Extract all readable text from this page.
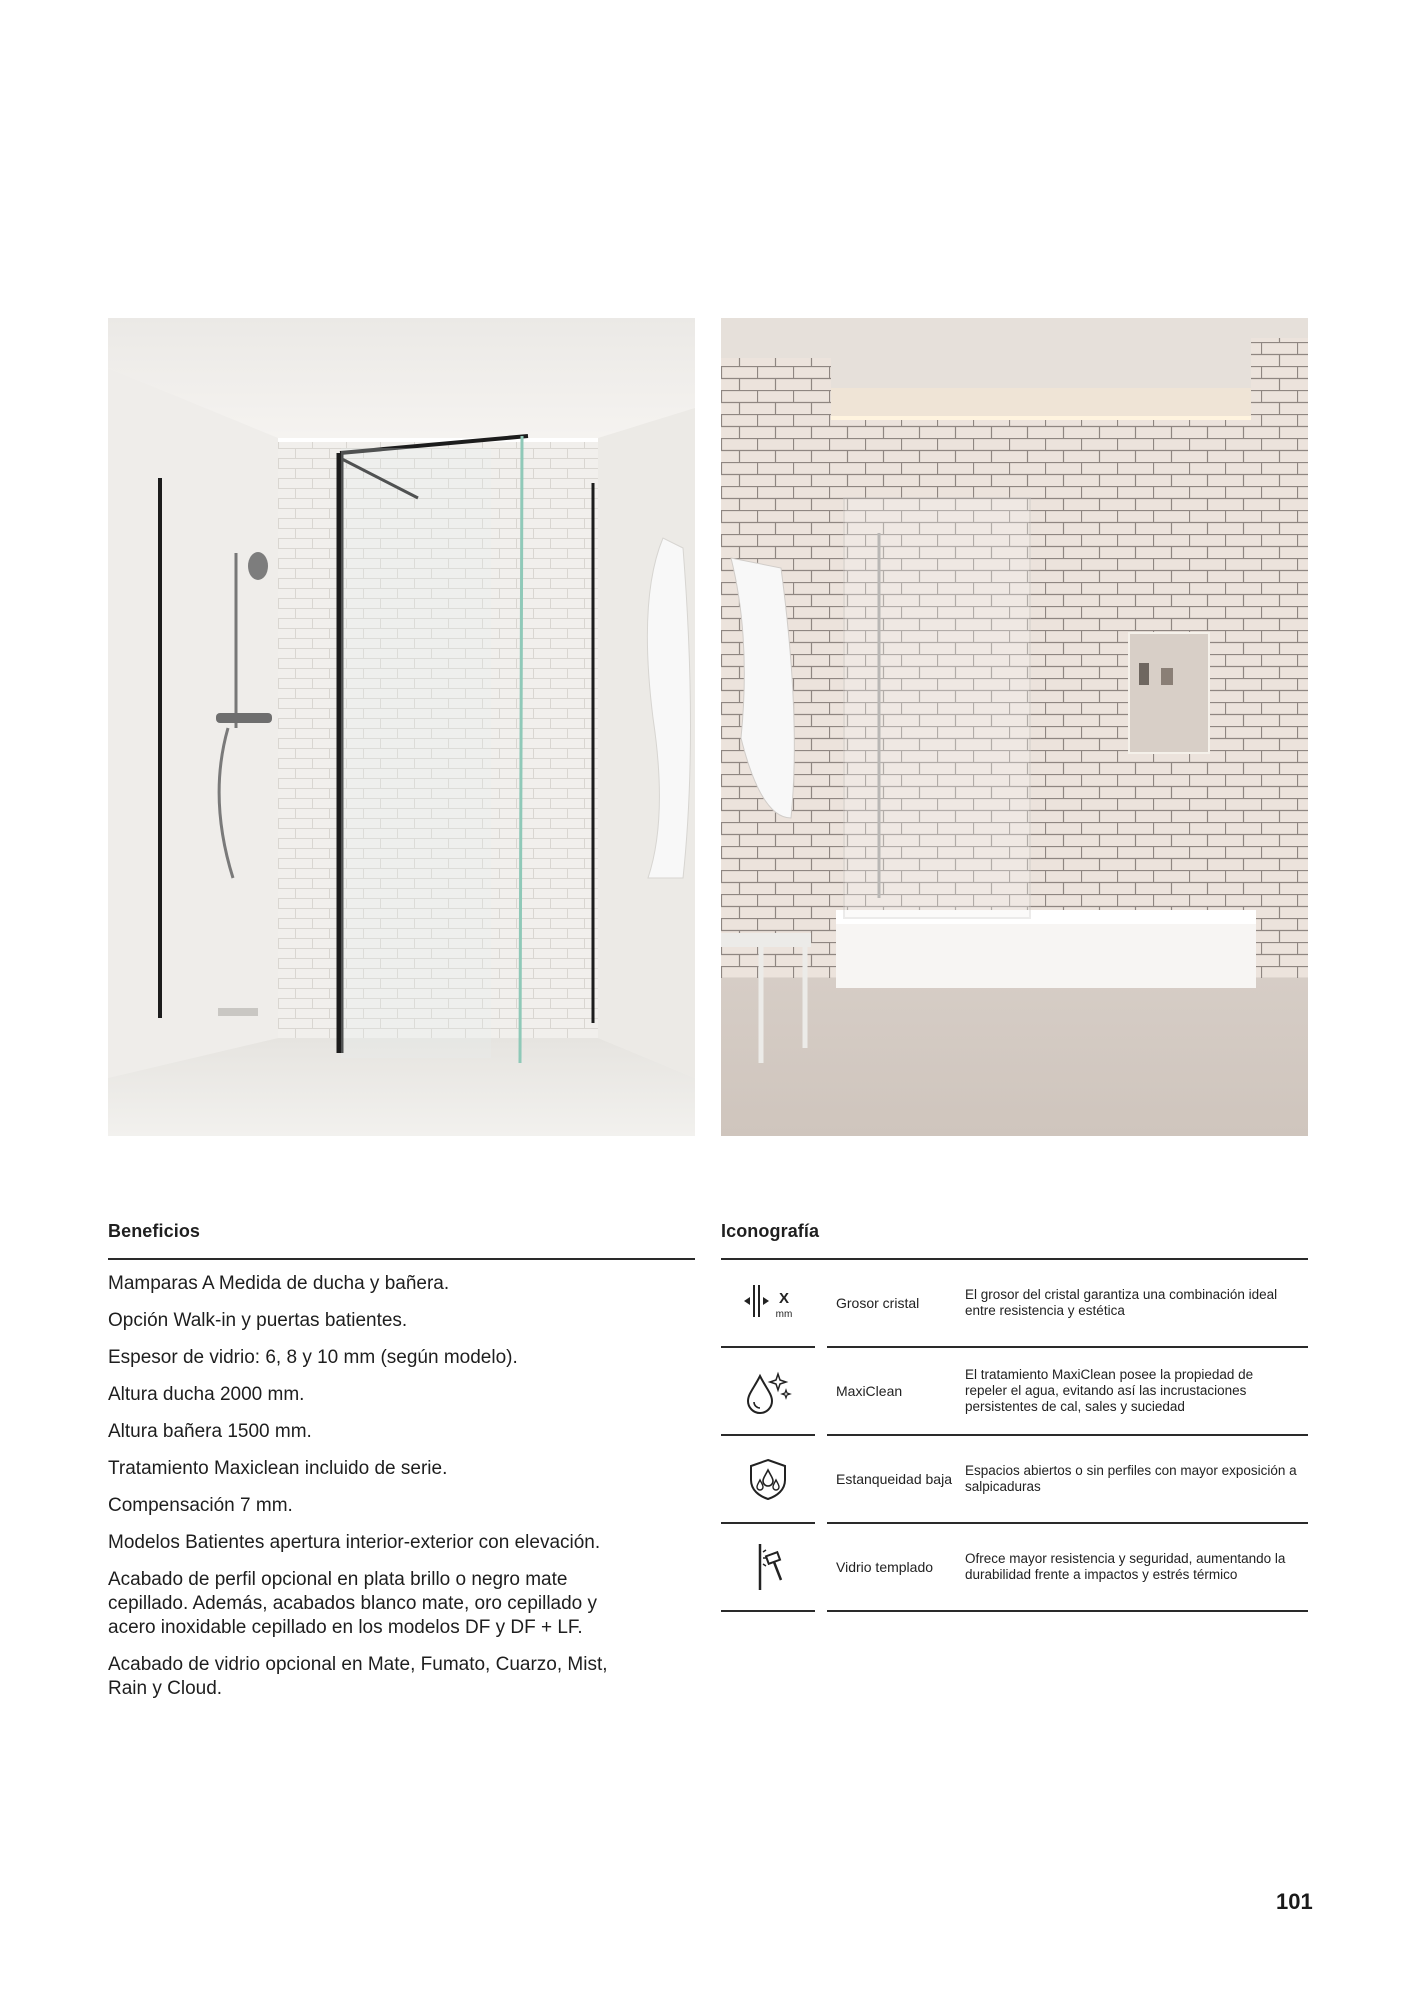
Beneficios
Mamparas A Medida de ducha y bañera.
Opción Walk-in y puertas batientes.
Espesor de vidrio: 6, 8 y 10 mm (según modelo).
Altura ducha 2000 mm.
Altura bañera 1500 mm.
Tratamiento Maxiclean incluido de serie.
Compensación 7 mm.
Modelos Batientes apertura interior-exterior con elevación.
Acabado de perfil opcional en plata brillo o negro mate cepillado. Además, acabados blanco mate, oro cepillado y acero inoxidable cepillado en los modelos DF y DF + LF.
Acabado de vidrio opcional en Mate, Fumato, Cuarzo, Mist, Rain y Cloud.
Iconografía
X
mm
Grosor cristal	El grosor del cristal garantiza una combinación ideal entre resistencia y estética
MaxiClean
El tratamiento MaxiClean posee la propiedad de repeler el agua, evitando así las incrustaciones persistentes de cal, sales y suciedad
Estanqueidad baja Espacios abiertos o sin perfiles con mayor exposición a salpicaduras
Vidrio templado	Ofrece mayor resistencia y seguridad, aumentando la durabilidad frente a impactos y estrés térmico
101
